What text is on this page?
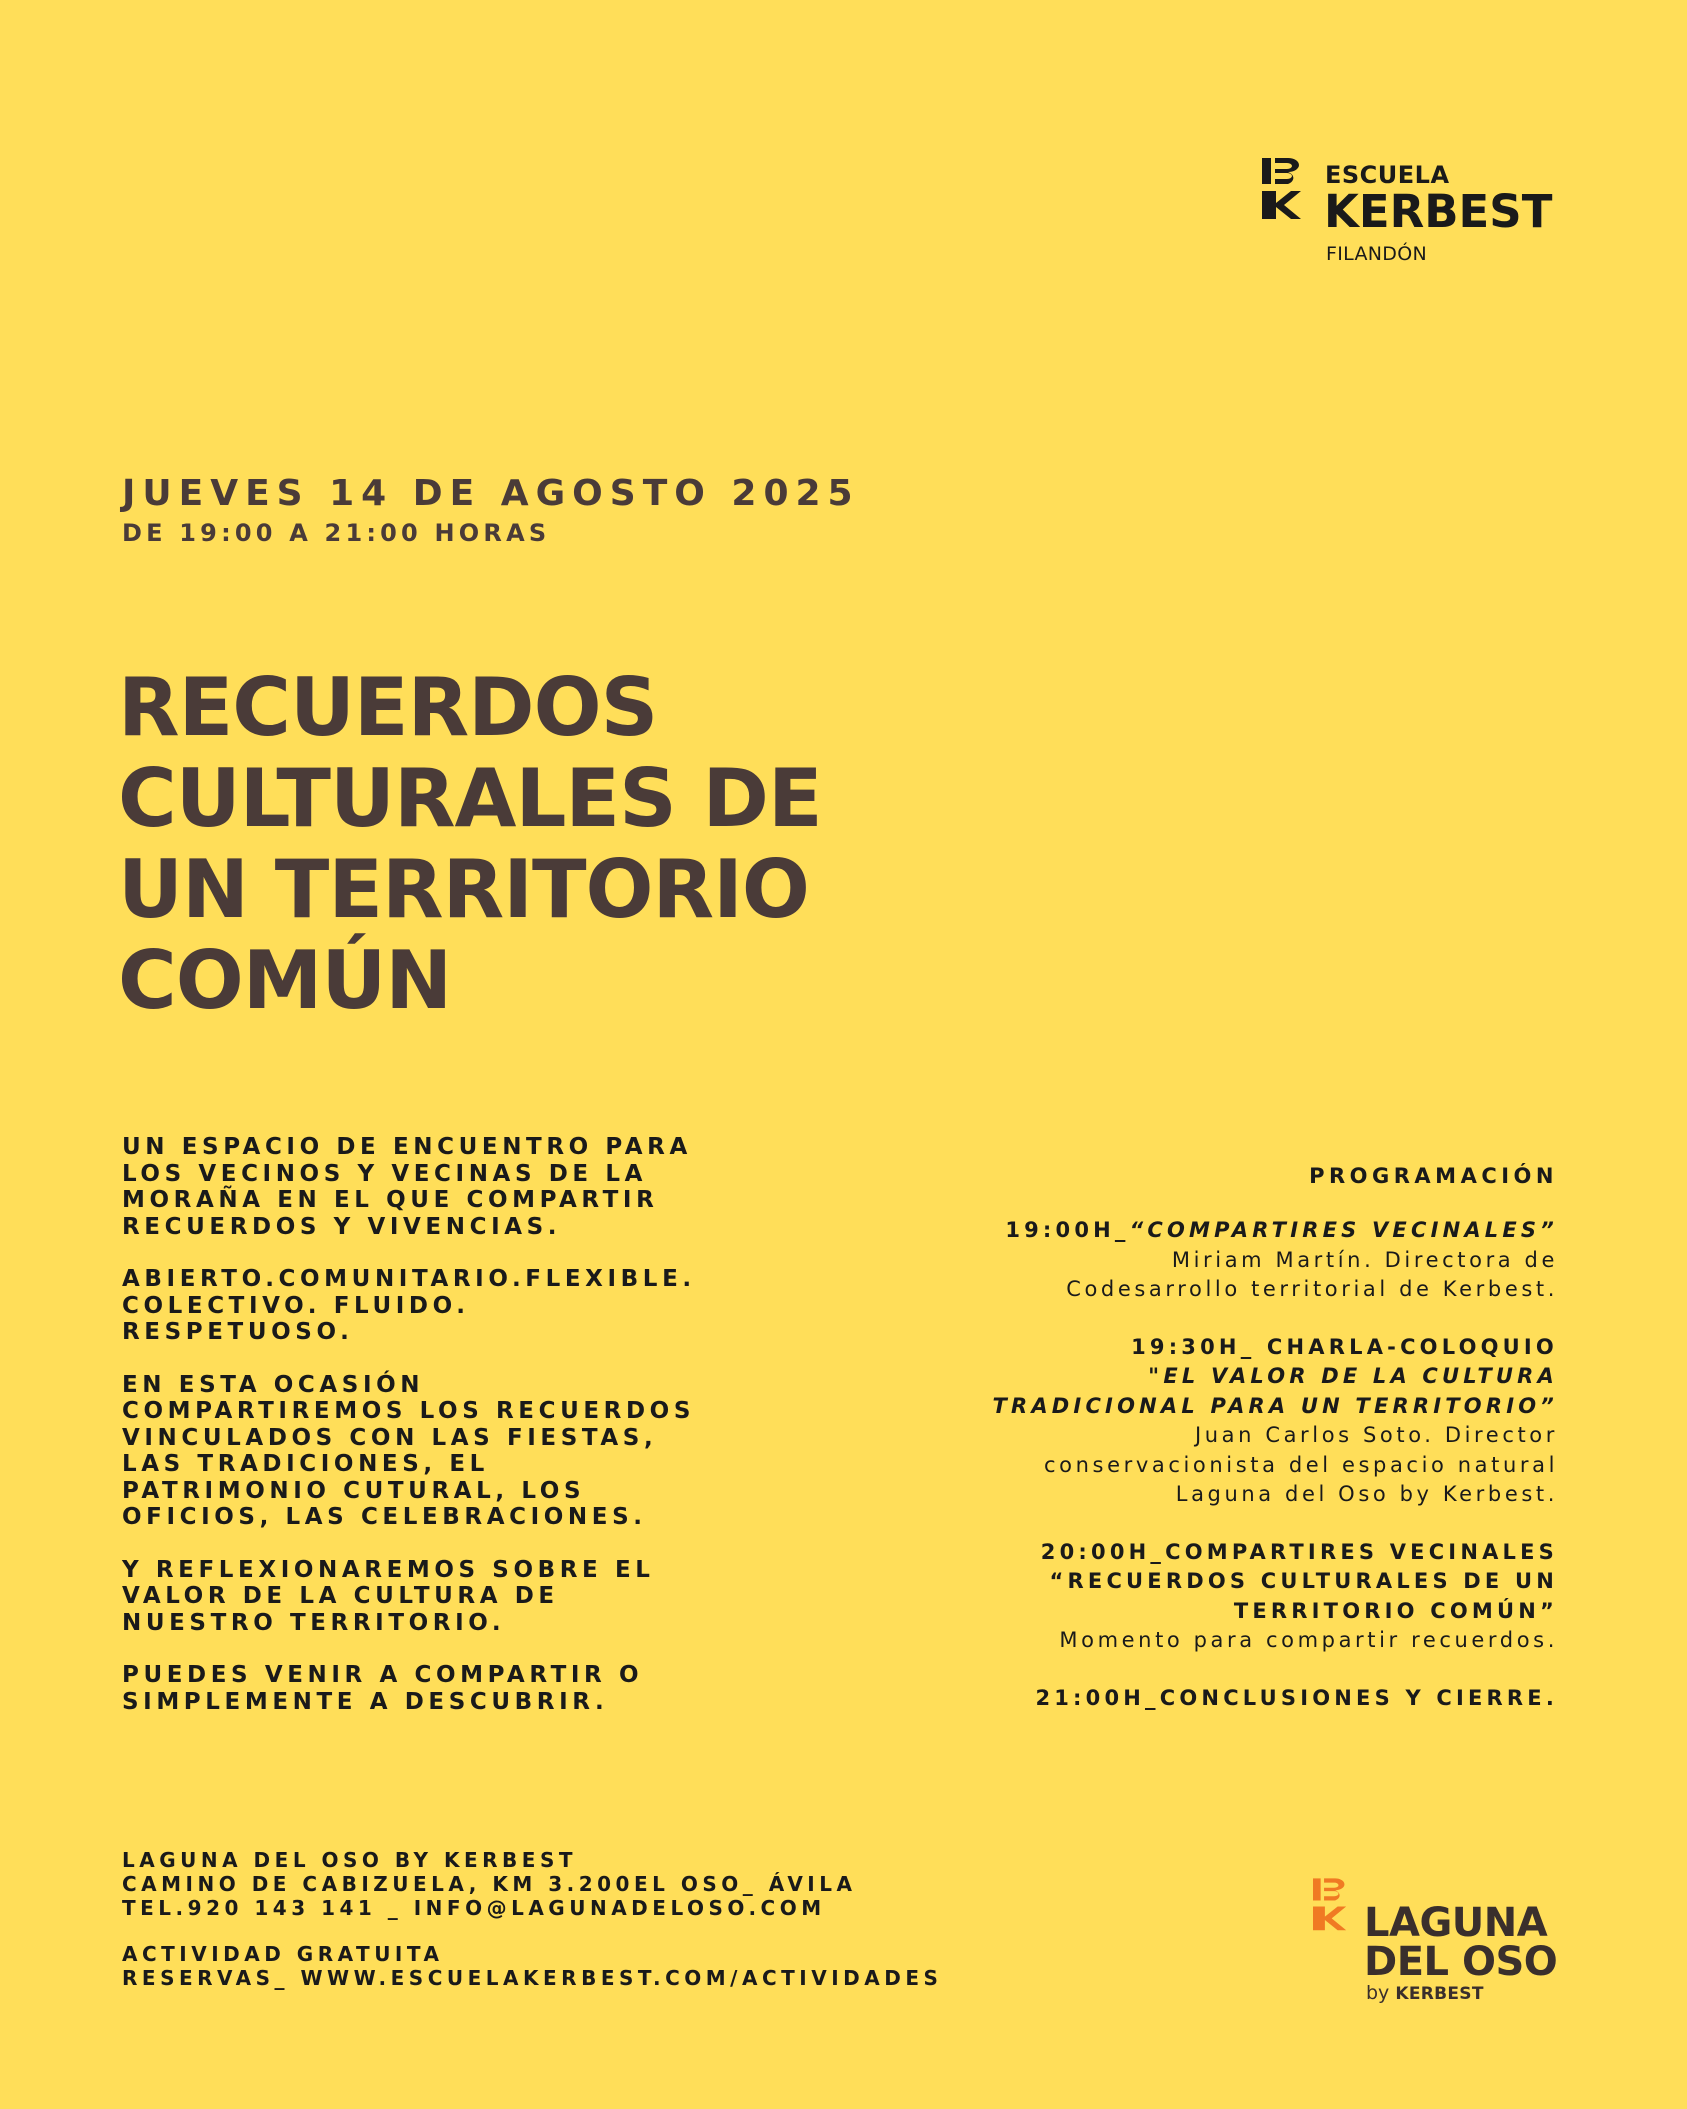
ESCUELA
KERBEST
FILANDÓN
JUEVES 14 DE AGOSTO 2025
DE 19:00 A 21:00 HORAS
RECUERDOS
CULTURALES DE
UN TERRITORIO
COMÚN

UN ESPACIO DE ENCUENTRO PARA
LOS VECINOS Y VECINAS DE LA
MORAÑA EN EL QUE COMPARTIR
RECUERDOS Y VIVENCIAS.

ABIERTO.COMUNITARIO.FLEXIBLE.
COLECTIVO. FLUIDO.
RESPETUOSO.

EN ESTA OCASIÓN
COMPARTIREMOS LOS RECUERDOS
VINCULADOS CON LAS FIESTAS,
LAS TRADICIONES, EL
PATRIMONIO CUTURAL, LOS
OFICIOS, LAS CELEBRACIONES.

Y REFLEXIONAREMOS SOBRE EL
VALOR DE LA CULTURA DE
NUESTRO TERRITORIO.

PUEDES VENIR A COMPARTIR O
SIMPLEMENTE A DESCUBRIR.

PROGRAMACIÓN
19:00H_“COMPARTIRES VECINALES”
Miriam Martín. Directora de
Codesarrollo territorial de Kerbest.
19:30H_ CHARLA-COLOQUIO
"EL VALOR DE LA CULTURA
TRADICIONAL PARA UN TERRITORIO”
Juan Carlos Soto. Director
conservacionista del espacio natural
Laguna del Oso by Kerbest.
20:00H_COMPARTIRES VECINALES
“RECUERDOS CULTURALES DE UN
TERRITORIO COMÚN”
Momento para compartir recuerdos.
21:00H_CONCLUSIONES Y CIERRE.
LAGUNA DEL OSO BY KERBEST
CAMINO DE CABIZUELA, KM 3.200EL OSO_ ÁVILA
TEL.920 143 141 _ INFO@LAGUNADELOSO.COM
ACTIVIDAD GRATUITA
RESERVAS_ WWW.ESCUELAKERBEST.COM/ACTIVIDADES
LAGUNA
DEL OSO
by KERBEST
